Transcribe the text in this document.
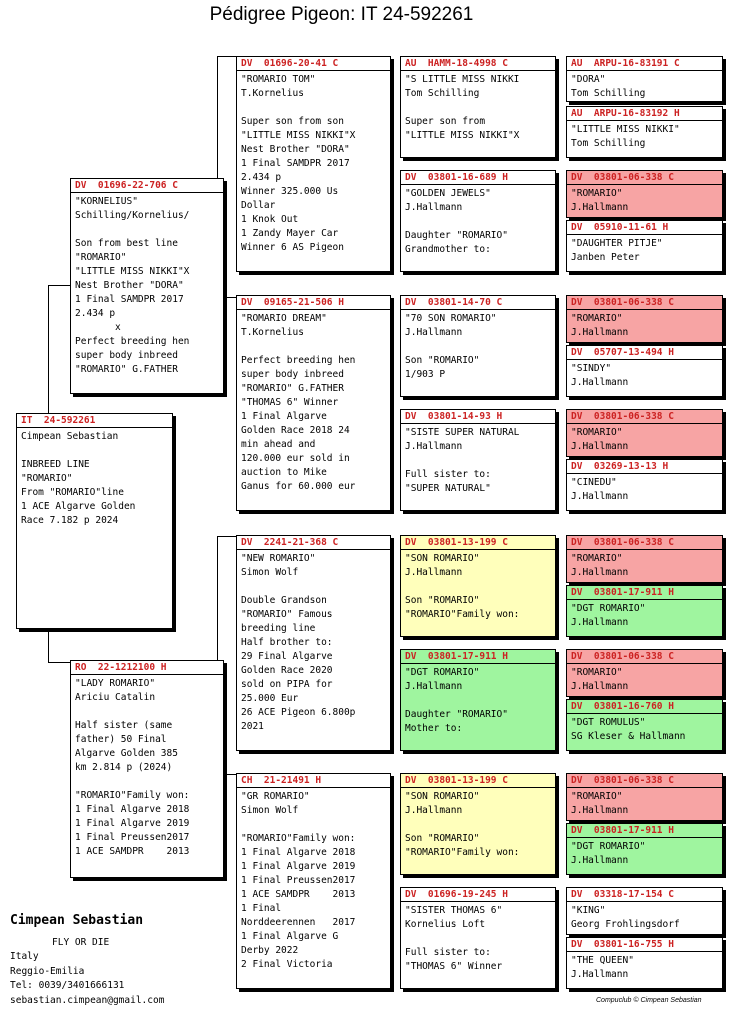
Pédigree Pigeon: IT 24-592261
IT  24-592261
Cimpean Sebastian

INBREED LINE
"ROMARIO"
From "ROMARIO"line
1 ACE Algarve Golden
Race 7.182 p 2024
DV  01696-22-706 C
"KORNELIUS"
Schilling/Kornelius/

Son from best line
"ROMARIO"
"LITTLE MISS NIKKI"X
Nest Brother "DORA"
1 Final SAMDPR 2017
2.434 p
x
Perfect breeding hen
super body inbreed
"ROMARIO" G.FATHER
RO  22-1212100 H
"LADY ROMARIO"
Ariciu Catalin

Half sister (same
father) 50 Final
Algarve Golden 385
km 2.814 p (2024)

"ROMARIO"Family won:
1 Final Algarve 2018
1 Final Algarve 2019
1 Final Preussen2017
1 ACE SAMDPR    2013
DV  01696-20-41 C
"ROMARIO TOM"
T.Kornelius

Super son from son
"LITTLE MISS NIKKI"X
Nest Brother "DORA"
1 Final SAMDPR 2017
2.434 p
Winner 325.000 Us
Dollar
1 Knok Out
1 Zandy Mayer Car
Winner 6 AS Pigeon
DV  09165-21-506 H
"ROMARIO DREAM"
T.Kornelius

Perfect breeding hen
super body inbreed
"ROMARIO" G.FATHER
"THOMAS 6" Winner
1 Final Algarve
Golden Race 2018 24
min ahead and
120.000 eur sold in
auction to Mike
Ganus for 60.000 eur
DV  2241-21-368 C
"NEW ROMARIO"
Simon Wolf

Double Grandson
"ROMARIO" Famous
breeding line
Half brother to:
29 Final Algarve
Golden Race 2020
sold on PIPA for
25.000 Eur
26 ACE Pigeon 6.800p
2021
CH  21-21491 H
"GR ROMARIO"
Simon Wolf

"ROMARIO"Family won:
1 Final Algarve 2018
1 Final Algarve 2019
1 Final Preussen2017
1 ACE SAMDPR    2013
1 Final
Norddeerennen   2017
1 Final Algarve G
Derby 2022
2 Final Victoria
AU  HAMM-18-4998 C
"S LITTLE MISS NIKKI
Tom Schilling

Super son from
"LITTLE MISS NIKKI"X
DV  03801-16-689 H
"GOLDEN JEWELS"
J.Hallmann

Daughter "ROMARIO"
Grandmother to:
DV  03801-14-70 C
"70 SON ROMARIO"
J.Hallmann

Son "ROMARIO"
1/903 P
DV  03801-14-93 H
"SISTE SUPER NATURAL
J.Hallmann

Full sister to:
"SUPER NATURAL"
DV  03801-13-199 C
"SON ROMARIO"
J.Hallmann

Son "ROMARIO"
"ROMARIO"Family won:
DV  03801-17-911 H
"DGT ROMARIO"
J.Hallmann

Daughter "ROMARIO"
Mother to:
DV  03801-13-199 C
"SON ROMARIO"
J.Hallmann

Son "ROMARIO"
"ROMARIO"Family won:
DV  01696-19-245 H
"SISTER THOMAS 6"
Kornelius Loft

Full sister to:
"THOMAS 6" Winner
AU  ARPU-16-83191 C
"DORA"
Tom Schilling
AU  ARPU-16-83192 H
"LITTLE MISS NIKKI"
Tom Schilling
DV  03801-06-338 C
"ROMARIO"
J.Hallmann
DV  05910-11-61 H
"DAUGHTER PITJE"
Janben Peter
DV  03801-06-338 C
"ROMARIO"
J.Hallmann
DV  05707-13-494 H
"SINDY"
J.Hallmann
DV  03801-06-338 C
"ROMARIO"
J.Hallmann
DV  03269-13-13 H
"CINEDU"
J.Hallmann
DV  03801-06-338 C
"ROMARIO"
J.Hallmann
DV  03801-17-911 H
"DGT ROMARIO"
J.Hallmann
DV  03801-06-338 C
"ROMARIO"
J.Hallmann
DV  03801-16-760 H
"DGT ROMULUS"
SG Kleser & Hallmann
DV  03801-06-338 C
"ROMARIO"
J.Hallmann
DV  03801-17-911 H
"DGT ROMARIO"
J.Hallmann
DV  03318-17-154 C
"KING"
Georg Frohlingsdorf
DV  03801-16-755 H
"THE QUEEN"
J.Hallmann
Cimpean Sebastian
FLY OR DIE
Italy
Reggio-Emilia
Tel: 0039/3401666131
sebastian.cimpean@gmail.com	Compuclub © Cimpean Sebastian
